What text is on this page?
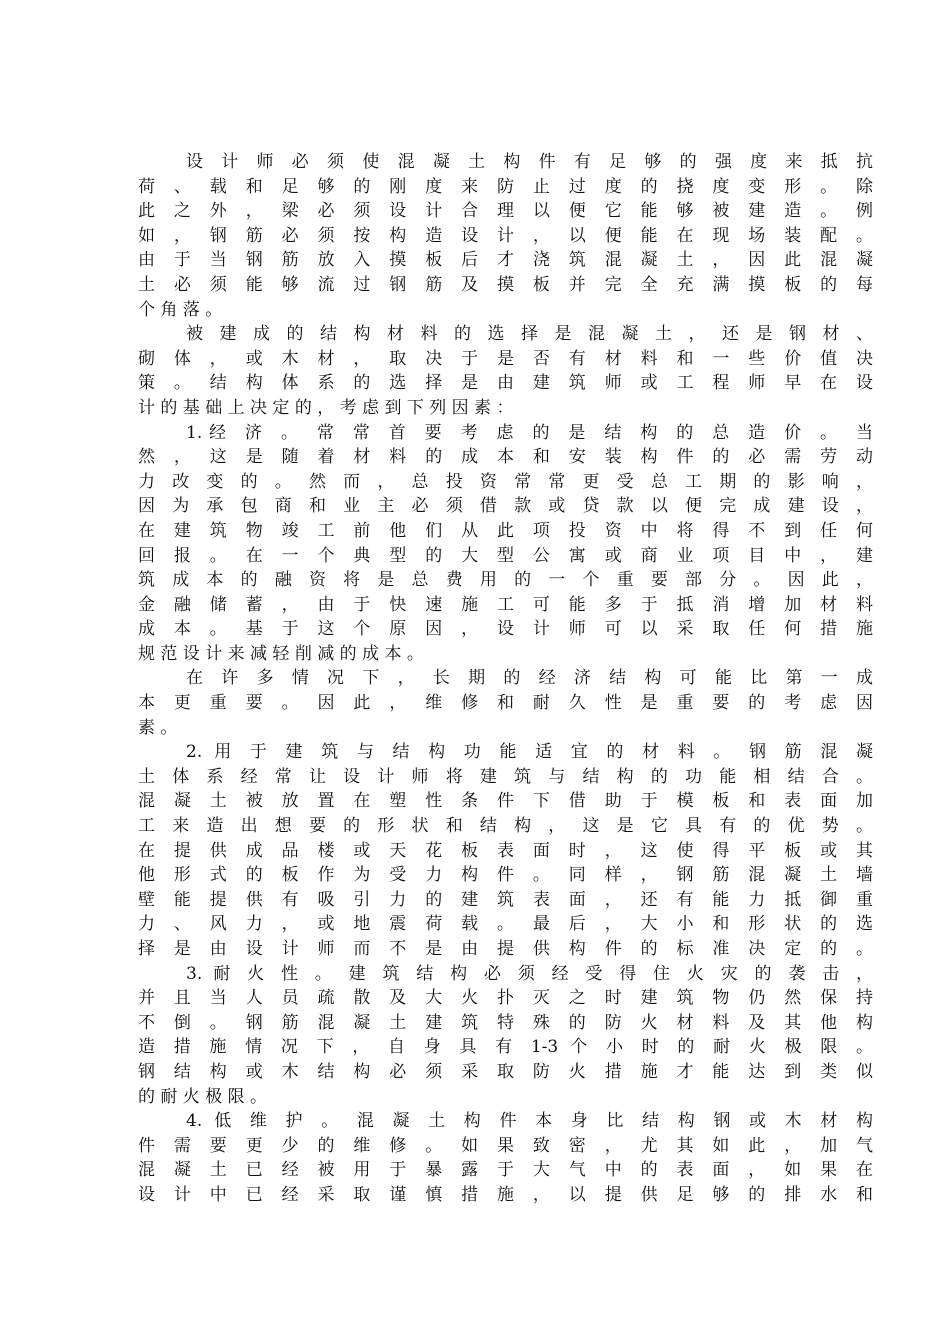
设 计 师 必 须 使 混 凝 土 构 件 有 足 够 的 强 度 来 抵 抗
荷 、 载 和 足 够 的 刚 度 来 防 止 过 度 的 挠 度 变 形 。 除
此 之 外 ， 梁 必 须 设 计 合 理 以 便 它 能 够 被 建 造 。 例
如 ， 钢 筋 必 须 按 构 造 设 计 ， 以 便 能 在 现 场 装 配 。
由 于 当 钢 筋 放 入 摸 板 后 才 浇 筑 混 凝 土 ， 因 此 混 凝
土 必 须 能 够 流 过 钢 筋 及 摸 板 并 完 全 充 满 摸 板 的 每
个 角 落 。
被 建 成 的 结 构 材 料 的 选 择 是 混 凝 土 ， 还 是 钢 材 、
砌 体 ， 或 木 材 ， 取 决 于 是 否 有 材 料 和 一 些 价 值 决
策 。 结 构 体 系 的 选 择 是 由 建 筑 师 或 工 程 师 早 在 设
计 的 基 础 上 决 定 的 ， 考 虑 到 下 列 因 素 ：
1.经 济 。 常 常 首 要 考 虑 的 是 结 构 的 总 造 价 。 当
然 ， 这 是 随 着 材 料 的 成 本 和 安 装 构 件 的 必 需 劳 动
力 改 变 的 。 然 而 ， 总 投 资 常 常 更 受 总 工 期 的 影 响 ，
因 为 承 包 商 和 业 主 必 须 借 款 或 贷 款 以 便 完 成 建 设 ，
在 建 筑 物 竣 工 前 他 们 从 此 项 投 资 中 将 得 不 到 任 何
回 报 。 在 一 个 典 型 的 大 型 公 寓 或 商 业 项 目 中 ， 建
筑 成 本 的 融 资 将 是 总 费 用 的 一 个 重 要 部 分 。 因 此 ，
金 融 储 蓄 ， 由 于 快 速 施 工 可 能 多 于 抵 消 增 加 材 料
成 本 。 基 于 这 个 原 因 ， 设 计 师 可 以 采 取 任 何 措 施
规 范 设 计 来 减 轻 削 减 的 成 本 。
在 许 多 情 况 下 ， 长 期 的 经 济 结 构 可 能 比 第 一 成
本 更 重 要 。 因 此 ， 维 修 和 耐 久 性 是 重 要 的 考 虑 因
素 。
2. 用 于 建 筑 与 结 构 功 能 适 宜 的 材 料 。 钢 筋 混 凝
土 体 系 经 常 让 设 计 师 将 建 筑 与 结 构 的 功 能 相 结 合 。
混 凝 土 被 放 置 在 塑 性 条 件 下 借 助 于 模 板 和 表 面 加
工 来 造 出 想 要 的 形 状 和 结 构 ， 这 是 它 具 有 的 优 势 。
在 提 供 成 品 楼 或 天 花 板 表 面 时 ， 这 使 得 平 板 或 其
他 形 式 的 板 作 为 受 力 构 件 。 同 样 ， 钢 筋 混 凝 土 墙
壁 能 提 供 有 吸 引 力 的 建 筑 表 面 ， 还 有 能 力 抵 御 重
力 、 风 力 ， 或 地 震 荷 载 。 最 后 ， 大 小 和 形 状 的 选
择 是 由 设 计 师 而 不 是 由 提 供 构 件 的 标 准 决 定 的 。
3. 耐 火 性 。 建 筑 结 构 必 须 经 受 得 住 火 灾 的 袭 击 ，
并 且 当 人 员 疏 散 及 大 火 扑 灭 之 时 建 筑 物 仍 然 保 持
不 倒 。 钢 筋 混 凝 土 建 筑 特 殊 的 防 火 材 料 及 其 他 构
造 措 施 情 况 下 ， 自 身 具 有 1-3 个 小 时 的 耐 火 极 限 。
钢 结 构 或 木 结 构 必 须 采 取 防 火 措 施 才 能 达 到 类 似
的 耐 火 极 限 。
4. 低 维 护 。 混 凝 土 构 件 本 身 比 结 构 钢 或 木 材 构
件 需 要 更 少 的 维 修 。 如 果 致 密 ， 尤 其 如 此 ， 加 气
混 凝 土 已 经 被 用 于 暴 露 于 大 气 中 的 表 面 ， 如 果 在
设 计 中 已 经 采 取 谨 慎 措 施 ， 以 提 供 足 够 的 排 水 和
